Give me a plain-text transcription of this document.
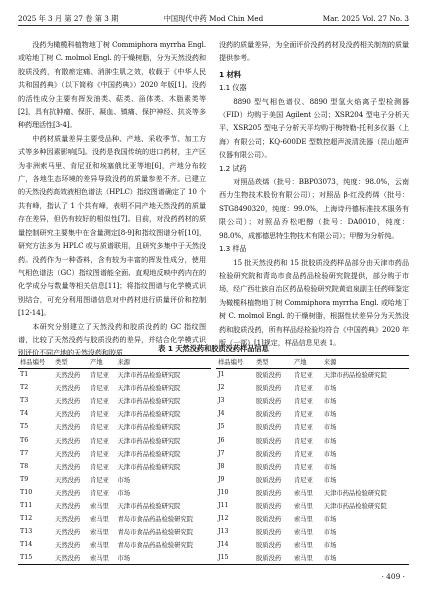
2025 年 3 月 第 27 卷 第 3 期	中国现代中药 Mod Chin Med	Mar. 2025 Vol. 27 No. 3

没药为橄榄科植物地丁树 Commiphora myrrha Engl. 或哈地丁树 C. molmol Engl. 的干燥树脂，分为天然没药和胶质没药，有散瘀定痛、消肿生肌之效，收载于《中华人民共和国药典》（以下简称《中国药典》）2020 年版[1]。没药的活性成分主要有挥发油类、萜类、甾体类、木脂素类等[2]，具有抗肿瘤、保肝、凝血、镇痛、保护神经、抗炎等多种药理活性[3-4]。

中药材质量差异主要受品种、产地、采收季节、加工方式等多种因素影响[5]。没药是我国传统的进口药材，主产区为非洲索马里、肯尼亚和埃塞俄比亚等地[6]，产地分布较广，各地生态环境的差异导致没药的质量参差不齐。已建立的天然没药高效液相色谱法（HPLC）指纹图谱确定了 10 个共有峰，指认了 1 个共有峰，表明不同产地天然没药的质量存在差异，但仍有较好的相似性[7]。目前，对没药药材的质量控制研究主要集中在含量测定[8-9]和指纹图谱分析[10]，研究方法多为 HPLC 或与质谱联用，且研究多集中于天然没药。没药作为一种香料，含有较为丰富的挥发性成分，使用气相色谱法（GC）指纹图谱能全面、直观地反映中药内在的化学成分与数量等相关信息[11]；将指纹图谱与化学模式识别结合，可充分利用图谱信息对中药材进行质量评价和控制[12-14]。

本研究分别建立了天然没药和胶质没药的 GC 指纹图谱，比较了天然没药与胶质没药的差异，并结合化学模式识别评价不同产地的天然没药和胶质

没药的质量差异，为全面评价没药药材及没药相关制剂的质量提供参考。

1 材料
1.1 仪器

8890 型气相色谱仪、8890 型氢火焰离子型检测器（FID）均购于美国 Agilent 公司；XSR204 型电子分析天平、XSR205 型电子分析天平均购于梅特勒-托利多仪器（上海）有限公司；KQ-600DE 型数控超声波清洗器（昆山超声仪器有限公司）。

1.2 试药

对照品莰烯（批号：BBP03073，纯度：98.0%，云南西力生物技术股份有限公司）；对照品 β-红没药烯（批号：STG8490320，纯度：99.0%，上海诗丹德标准技术服务有限公司）；对照品乔松吧醇（批号：DA0010，纯度：98.0%，成都德思特生物技术有限公司）；甲醇为分析纯。

1.3 样品

15 批天然没药和 15 批胶质没药样品部分由天津市药品检验研究院和青岛市食品药品检验研究院提供，部分购于市场，经广西壮族自治区药品检验研究院黄谊泉副主任药师鉴定为橄榄科植物地丁树 Commiphora myrrha Engl. 或哈地丁树 C. molmol Engl. 的干燥树脂，根据性状差异分为天然没药和胶质没药，所有样品经检验均符合《中国药典》2020 年版（一部）[1]规定，样品信息见表 1。

表 1 天然没药和胶质没药样品信息
样品编号	类型	产地	来源
T1	天然没药	肯尼亚	天津市药品检验研究院
T2	天然没药	肯尼亚	天津市药品检验研究院
T3	天然没药	肯尼亚	天津市药品检验研究院
T4	天然没药	肯尼亚	天津市药品检验研究院
T5	天然没药	肯尼亚	天津市药品检验研究院
T6	天然没药	肯尼亚	天津市药品检验研究院
T7	天然没药	肯尼亚	天津市药品检验研究院
T8	天然没药	肯尼亚	天津市药品检验研究院
T9	天然没药	肯尼亚	市场
T10	天然没药	肯尼亚	市场
T11	天然没药	索马里	天津市药品检验研究院
T12	天然没药	索马里	青岛市食品药品检验研究院
T13	天然没药	索马里	青岛市食品药品检验研究院
T14	天然没药	索马里	青岛市食品药品检验研究院
T15	天然没药	索马里	市场
样品编号	类型	产地	来源
J1	胶质没药	肯尼亚	天津市药品检验研究院
J2	胶质没药	肯尼亚	市场
J3	胶质没药	肯尼亚	市场
J4	胶质没药	肯尼亚	市场
J5	胶质没药	肯尼亚	市场
J6	胶质没药	肯尼亚	市场
J7	胶质没药	肯尼亚	市场
J8	胶质没药	肯尼亚	市场
J9	胶质没药	肯尼亚	市场
J10	胶质没药	索马里	天津市药品检验研究院
J11	胶质没药	索马里	天津市药品检验研究院
J12	胶质没药	索马里	市场
J13	胶质没药	索马里	市场
J14	胶质没药	索马里	市场
J15	胶质没药	索马里	市场
· 409 ·
